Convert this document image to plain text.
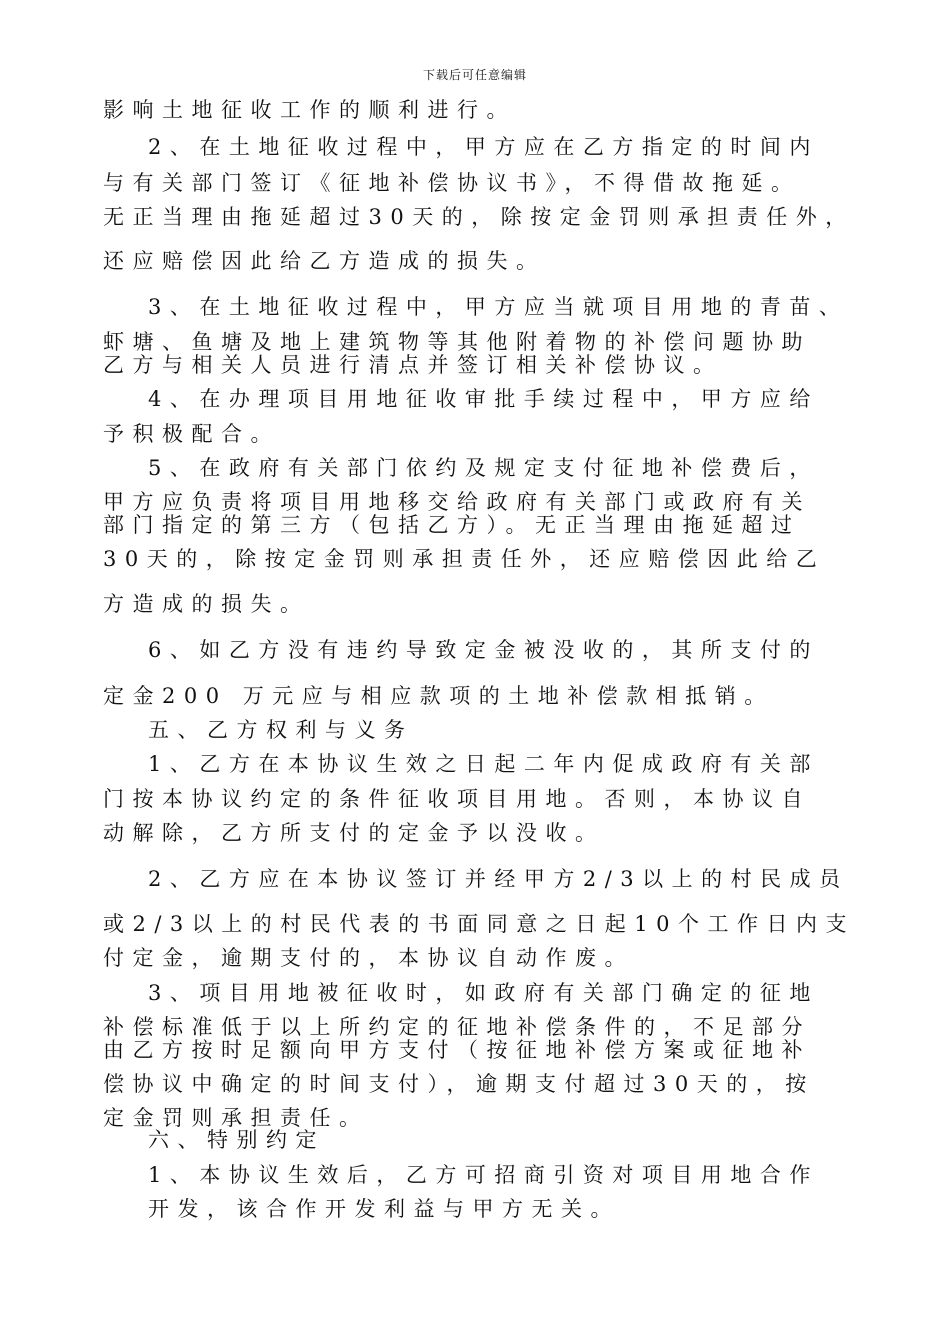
下载后可任意编辑
影响土地征收工作的顺利进行。
2、在土地征收过程中，甲方应在乙方指定的时间内
与有关部门签订《征地补偿协议书》，不得借故拖延。
无正当理由拖延超过30天的，除按定金罚则承担责任外，
还应赔偿因此给乙方造成的损失。
3、在土地征收过程中，甲方应当就项目用地的青苗、
虾塘、鱼塘及地上建筑物等其他附着物的补偿问题协助
乙方与相关人员进行清点并签订相关补偿协议。
4、在办理项目用地征收审批手续过程中，甲方应给
予积极配合。
5、在政府有关部门依约及规定支付征地补偿费后，
甲方应负责将项目用地移交给政府有关部门或政府有关
部门指定的第三方（包括乙方）。无正当理由拖延超过
30天的，除按定金罚则承担责任外，还应赔偿因此给乙
方造成的损失。
6、如乙方没有违约导致定金被没收的，其所支付的
定金200 万元应与相应款项的土地补偿款相抵销。
五、乙方权利与义务
1、乙方在本协议生效之日起二年内促成政府有关部
门按本协议约定的条件征收项目用地。否则，本协议自
动解除，乙方所支付的定金予以没收。
2、乙方应在本协议签订并经甲方2/3以上的村民成员
或2/3以上的村民代表的书面同意之日起10个工作日内支
付定金，逾期支付的，本协议自动作废。
3、项目用地被征收时，如政府有关部门确定的征地
补偿标准低于以上所约定的征地补偿条件的，不足部分
由乙方按时足额向甲方支付（按征地补偿方案或征地补
偿协议中确定的时间支付），逾期支付超过30天的，按
定金罚则承担责任。
六、特别约定
1、本协议生效后，乙方可招商引资对项目用地合作
开发，该合作开发利益与甲方无关。
